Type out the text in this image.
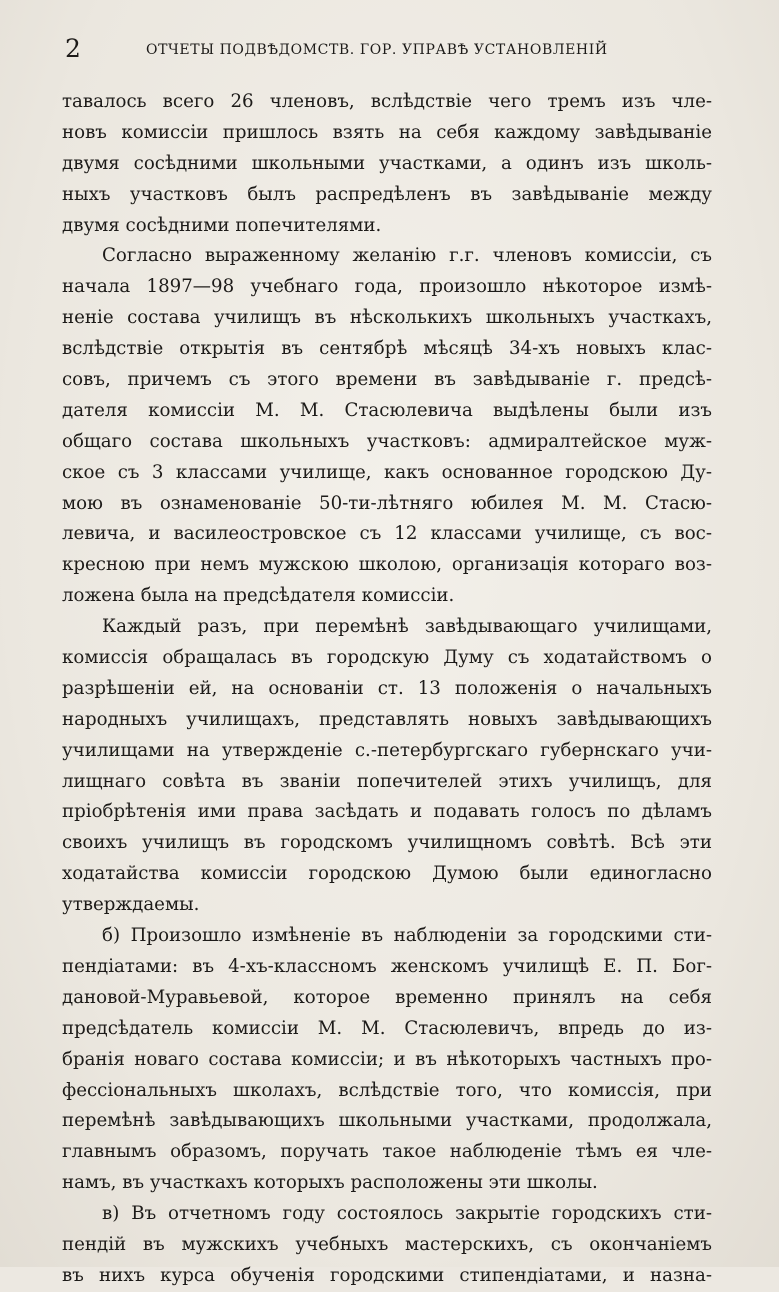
2	ОТЧЕТЫ ПОДВѢДОМСТВ. ГОР. УПРАВѢ УСТАНОВЛЕНІЙ
тавалось всего 26 членовъ, вслѣдствіе чего тремъ изъ чле-
новъ комиссіи пришлось взять на себя каждому завѣдываніе
двумя сосѣдними школьными участками, а одинъ изъ школь-
ныхъ участковъ былъ распредѣленъ въ завѣдываніе между
двумя сосѣдними попечителями.
Согласно выраженному желанію г.г. членовъ комиссіи, съ
начала 1897—98 учебнаго года, произошло нѣкоторое измѣ-
неніе состава училищъ въ нѣсколькихъ школьныхъ участкахъ,
вслѣдствіе открытія въ сентябрѣ мѣсяцѣ 34-хъ новыхъ клас-
совъ, причемъ съ этого времени въ завѣдываніе г. предсѣ-
дателя комиссіи М. М. Стасюлевича выдѣлены были изъ
общаго состава школьныхъ участковъ: адмиралтейское муж-
ское съ 3 классами училище, какъ основанное городскою Ду-
мою въ ознаменованіе 50-ти-лѣтняго юбилея М. М. Стасю-
левича, и василеостровское съ 12 классами училище, съ вос-
кресною при немъ мужскою школою, организація котораго воз-
ложена была на предсѣдателя комиссіи.
Каждый разъ, при перемѣнѣ завѣдывающаго училищами,
комиссія обращалась въ городскую Думу съ ходатайствомъ о
разрѣшеніи ей, на основаніи ст. 13 положенія о начальныхъ
народныхъ училищахъ, представлять новыхъ завѣдывающихъ
училищами на утвержденіе с.-петербургскаго губернскаго учи-
лищнаго совѣта въ званіи попечителей этихъ училищъ, для
пріобрѣтенія ими права засѣдать и подавать голосъ по дѣламъ
своихъ училищъ въ городскомъ училищномъ совѣтѣ. Всѣ эти
ходатайства комиссіи городскою Думою были единогласно
утверждаемы.
б) Произошло измѣненіе въ наблюденіи за городскими сти-
пендіатами: въ 4-хъ-классномъ женскомъ училищѣ Е. П. Бог-
дановой-Муравьевой, которое временно принялъ на себя
предсѣдатель комиссіи М. М. Стасюлевичъ, впредь до из-
бранія новаго состава комиссіи; и въ нѣкоторыхъ частныхъ про-
фессіональныхъ школахъ, вслѣдствіе того, что комиссія, при
перемѣнѣ завѣдывающихъ школьными участками, продолжала,
главнымъ образомъ, поручать такое наблюденіе тѣмъ ея чле-
намъ, въ участкахъ которыхъ расположены эти школы.
в) Въ отчетномъ году состоялось закрытіе городскихъ сти-
пендій въ мужскихъ учебныхъ мастерскихъ, съ окончаніемъ
въ нихъ курса обученія городскими стипендіатами, и назна-
